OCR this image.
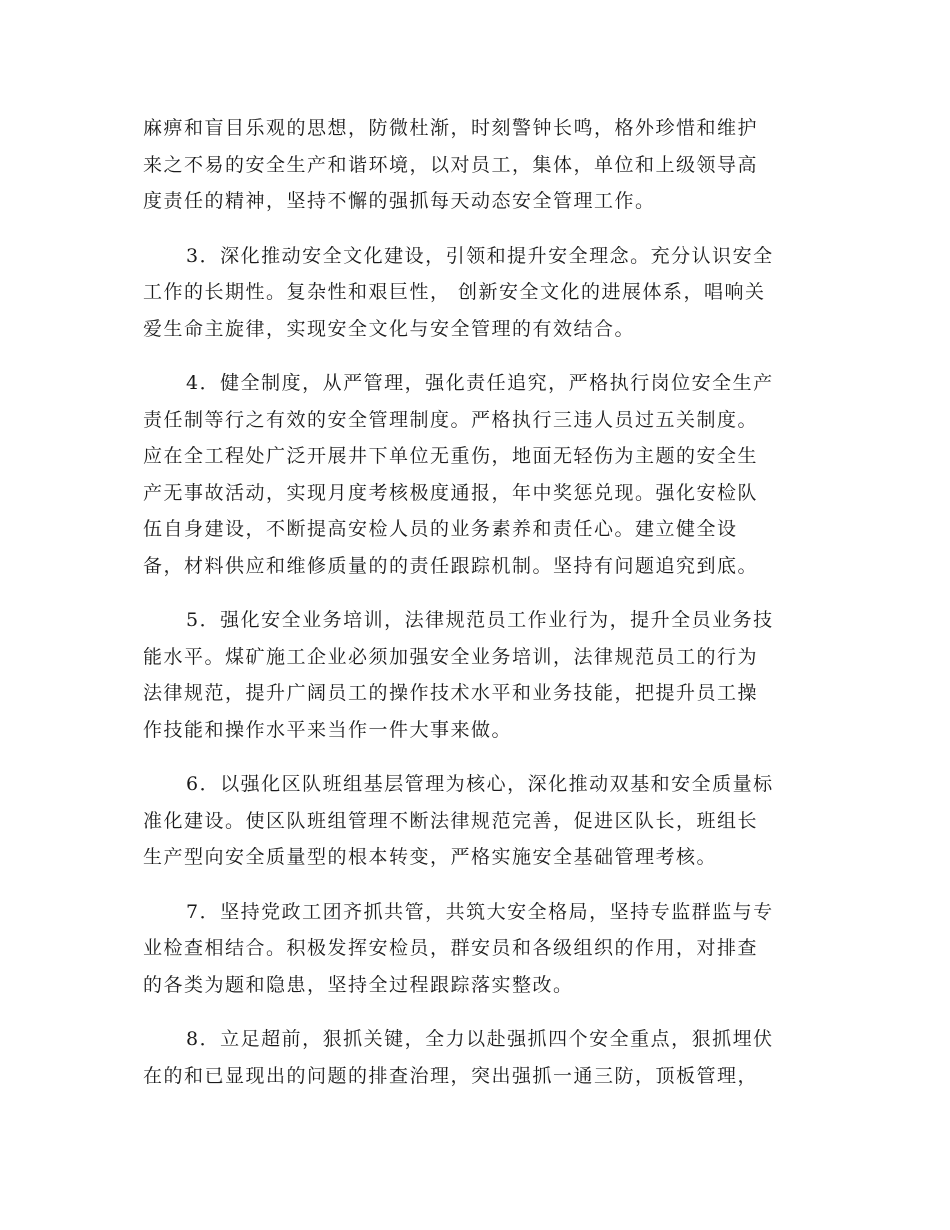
麻痹和盲目乐观的思想，防微杜渐，时刻警钟长鸣，格外珍惜和维护
来之不易的安全生产和谐环境，以对员工，集体，单位和上级领导高
度责任的精神，坚持不懈的强抓每天动态安全管理工作。

3．深化推动安全文化建设，引领和提升安全理念。充分认识安全
工作的长期性。复杂性和艰巨性， 创新安全文化的进展体系，唱响关
爱生命主旋律，实现安全文化与安全管理的有效结合。

4．健全制度，从严管理，强化责任追究，严格执行岗位安全生产
责任制等行之有效的安全管理制度。严格执行三违人员过五关制度。
应在全工程处广泛开展井下单位无重伤，地面无轻伤为主题的安全生
产无事故活动，实现月度考核极度通报，年中奖惩兑现。强化安检队
伍自身建设，不断提高安检人员的业务素养和责任心。建立健全设
备，材料供应和维修质量的的责任跟踪机制。坚持有问题追究到底。

5．强化安全业务培训，法律规范员工作业行为，提升全员业务技
能水平。煤矿施工企业必须加强安全业务培训，法律规范员工的行为
法律规范，提升广阔员工的操作技术水平和业务技能，把提升员工操
作技能和操作水平来当作一件大事来做。

6．以强化区队班组基层管理为核心，深化推动双基和安全质量标
准化建设。使区队班组管理不断法律规范完善，促进区队长，班组长
生产型向安全质量型的根本转变，严格实施安全基础管理考核。

7．坚持党政工团齐抓共管，共筑大安全格局，坚持专监群监与专
业检查相结合。积极发挥安检员，群安员和各级组织的作用，对排查
的各类为题和隐患，坚持全过程跟踪落实整改。

8．立足超前，狠抓关键，全力以赴强抓四个安全重点，狠抓埋伏
在的和已显现出的问题的排查治理，突出强抓一通三防，顶板管理，
